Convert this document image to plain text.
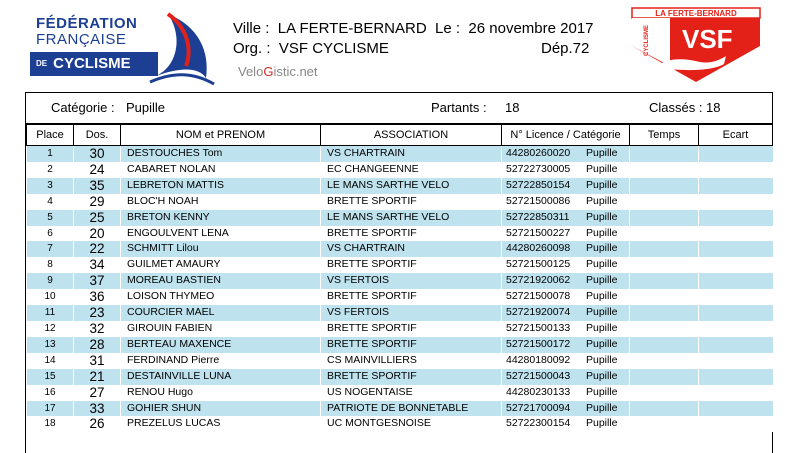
FÉDÉRATION
FRANÇAISE
DE CYCLISME
Ville : LA FERTE-BERNARD Le : 26 novembre 2017
Org. : VSF CYCLISME	Dép.72
VeloGistic.net
LA FERTE-BERNARD
VSF
CYCLISME
Catégorie : Pupille	Partants : 18	Classés : 18
Place	Dos.	NOM et PRENOM	ASSOCIATION	N° Licence / Catégorie	Temps	Ecart
1	30	DESTOUCHES Tom	VS CHARTRAIN	44280260020 Pupille		
2	24	CABARET NOLAN	EC CHANGEENNE	52722730005 Pupille		
3	35	LEBRETON MATTIS	LE MANS SARTHE VELO	52722850154 Pupille		
4	29	BLOC'H NOAH	BRETTE SPORTIF	52721500086 Pupille		
5	25	BRETON KENNY	LE MANS SARTHE VELO	52722850311 Pupille		
6	20	ENGOULVENT LENA	BRETTE SPORTIF	52721500227 Pupille		
7	22	SCHMITT Lilou	VS CHARTRAIN	44280260098 Pupille		
8	34	GUILMET AMAURY	BRETTE SPORTIF	52721500125 Pupille		
9	37	MOREAU BASTIEN	VS FERTOIS	52721920062 Pupille		
10	36	LOISON THYMEO	BRETTE SPORTIF	52721500078 Pupille		
11	23	COURCIER MAEL	VS FERTOIS	52721920074 Pupille		
12	32	GIROUIN FABIEN	BRETTE SPORTIF	52721500133 Pupille		
13	28	BERTEAU MAXENCE	BRETTE SPORTIF	52721500172 Pupille		
14	31	FERDINAND Pierre	CS MAINVILLIERS	44280180092 Pupille		
15	21	DESTAINVILLE LUNA	BRETTE SPORTIF	52721500043 Pupille		
16	27	RENOU Hugo	US NOGENTAISE	44280230133 Pupille		
17	33	GOHIER SHUN	PATRIOTE DE BONNETABLE	52721700094 Pupille		
18	26	PREZELUS LUCAS	UC MONTGESNOISE	52722300154 Pupille		
